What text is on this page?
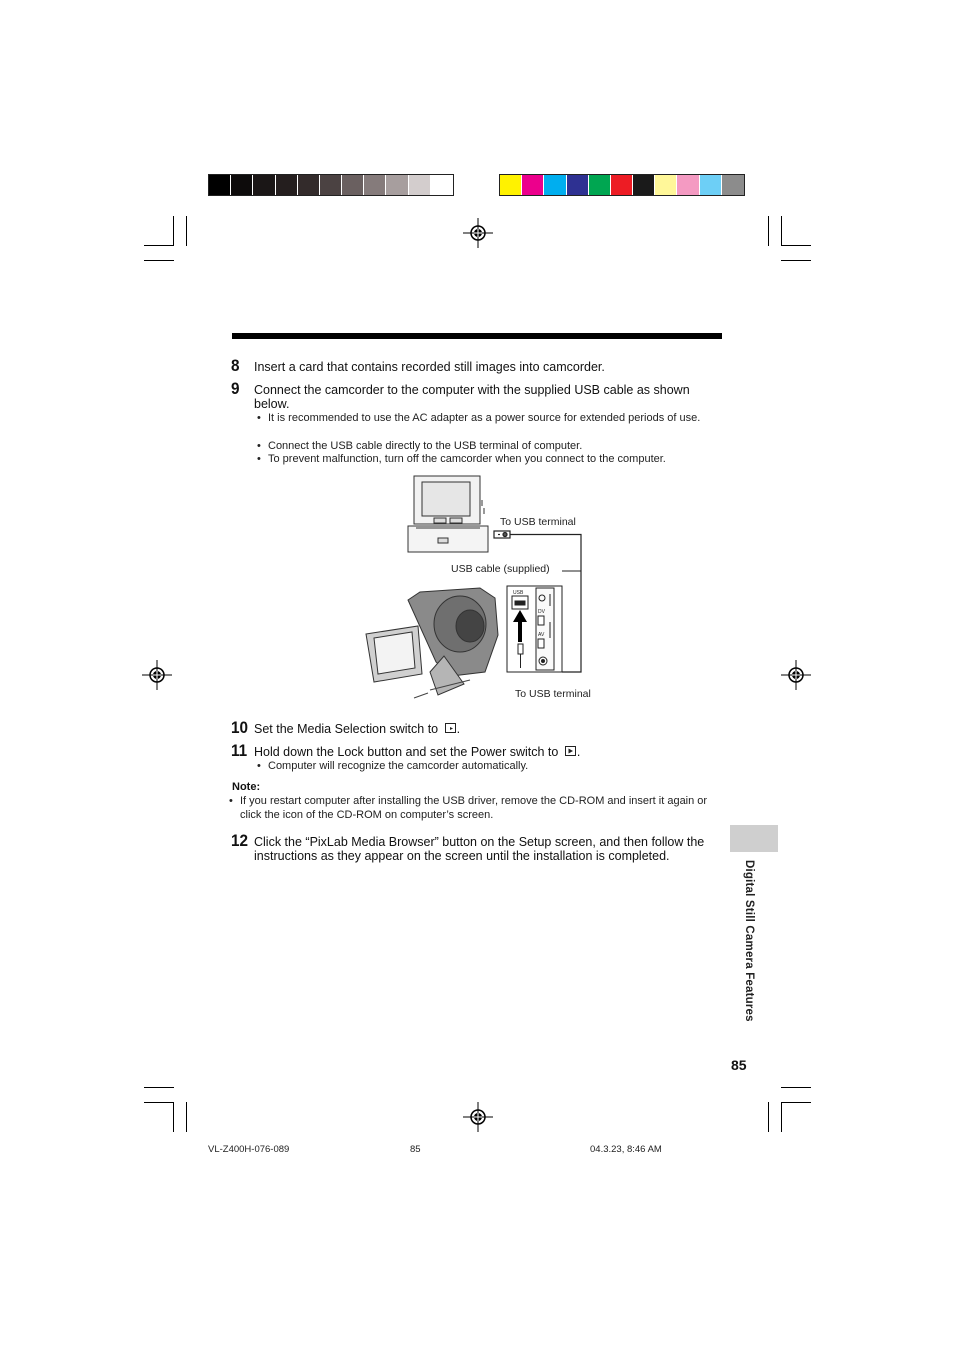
8 Insert a card that contains recorded still images into camcorder.
9 Connect the camcorder to the computer with the supplied USB cable as shown below.
• It is recommended to use the AC adapter as a power source for extended periods of use.
• Connect the USB cable directly to the USB terminal of computer.
• To prevent malfunction, turn off the camcorder when you connect to the computer.
USB
DV
AV
To USB terminal
USB cable (supplied)
To USB terminal
10 Set the Media Selection switch to .
11 Hold down the Lock button and set the Power switch to .
• Computer will recognize the camcorder automatically.
Note:
• If you restart computer after installing the USB driver, remove the CD-ROM and insert it again or click the icon of the CD-ROM on computer’s screen.
12 Click the “PixLab Media Browser” button on the Setup screen, and then follow the instructions as they appear on the screen until the installation is completed.
Digital Still Camera Features
85
VL-Z400H-076-089	85	04.3.23, 8:46 AM
